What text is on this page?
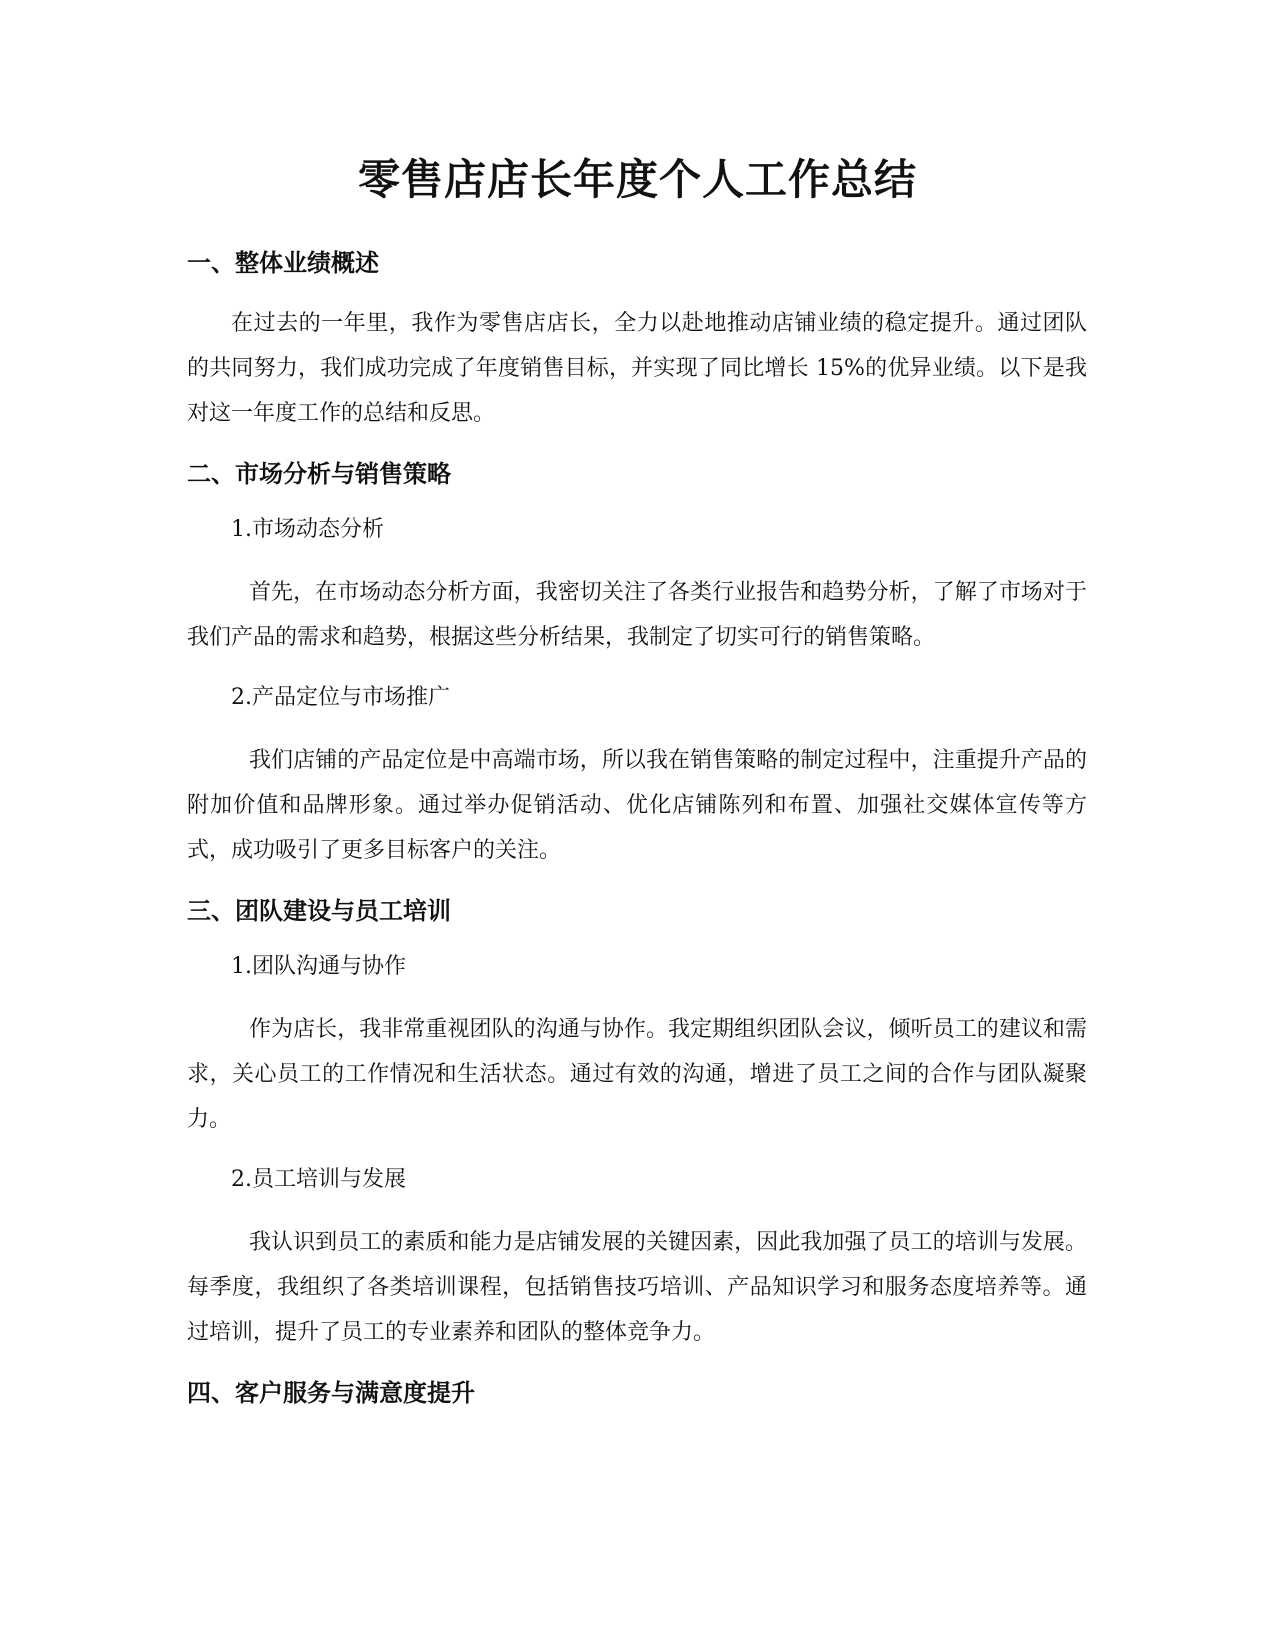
零售店店长年度个人工作总结
一、整体业绩概述

在过去的一年里，我作为零售店店长，全力以赴地推动店铺业绩的稳定提升。通过团队的共同努力，我们成功完成了年度销售目标，并实现了同比增长 15%的优异业绩。以下是我对这一年度工作的总结和反思。

二、市场分析与销售策略
1.市场动态分析

首先，在市场动态分析方面，我密切关注了各类行业报告和趋势分析，了解了市场对于我们产品的需求和趋势，根据这些分析结果，我制定了切实可行的销售策略。

2.产品定位与市场推广

我们店铺的产品定位是中高端市场，所以我在销售策略的制定过程中，注重提升产品的附加价值和品牌形象。通过举办促销活动、优化店铺陈列和布置、加强社交媒体宣传等方式，成功吸引了更多目标客户的关注。

三、团队建设与员工培训
1.团队沟通与协作

作为店长，我非常重视团队的沟通与协作。我定期组织团队会议，倾听员工的建议和需求，关心员工的工作情况和生活状态。通过有效的沟通，增进了员工之间的合作与团队凝聚力。

2.员工培训与发展

我认识到员工的素质和能力是店铺发展的关键因素，因此我加强了员工的培训与发展。每季度，我组织了各类培训课程，包括销售技巧培训、产品知识学习和服务态度培养等。通过培训，提升了员工的专业素养和团队的整体竞争力。

四、客户服务与满意度提升
